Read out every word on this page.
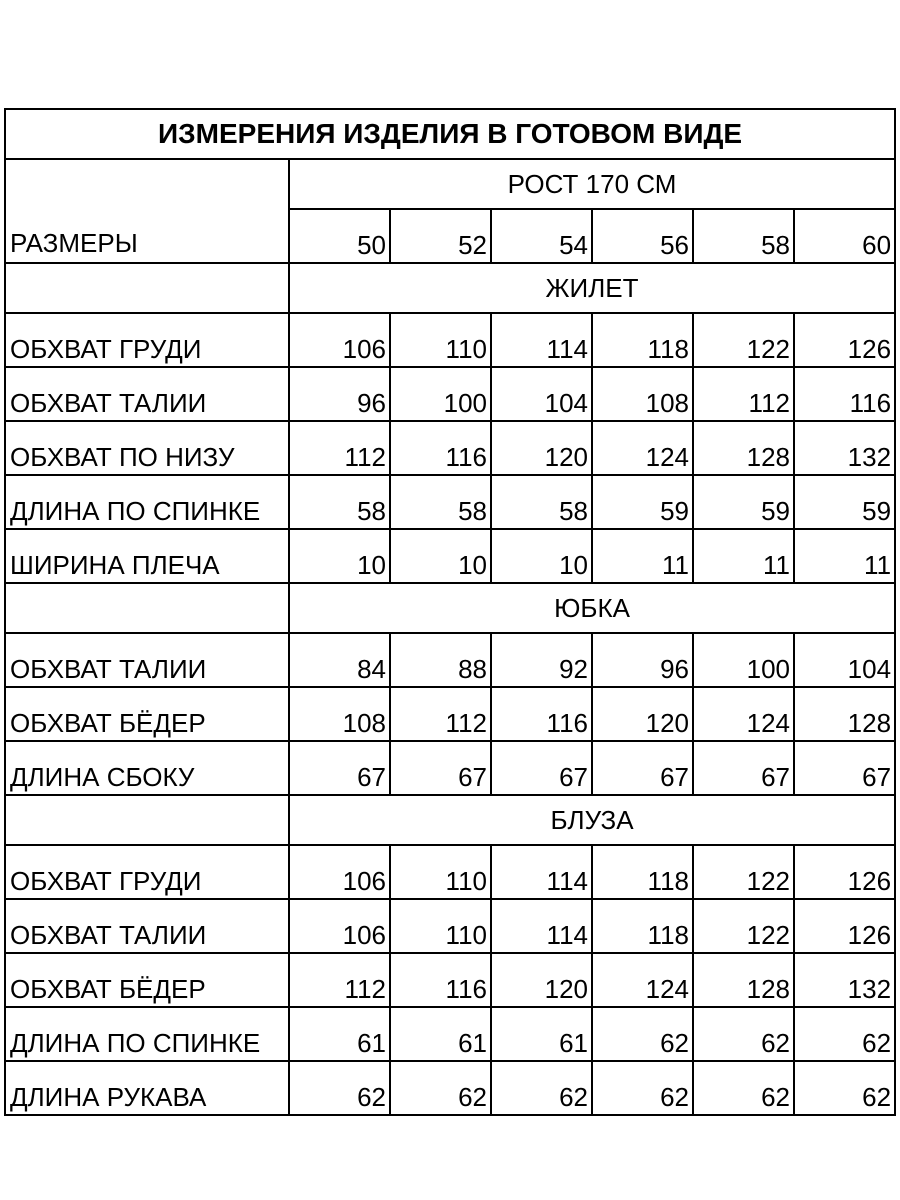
ИЗМЕРЕНИЯ ИЗДЕЛИЯ В ГОТОВОМ ВИДЕ						
РАЗМЕРЫ	РОСТ 170 СМ					
	50	52	54	56	58	60
	ЖИЛЕТ					
ОБХВАТ ГРУДИ	106	110	114	118	122	126
ОБХВАТ ТАЛИИ	96	100	104	108	112	116
ОБХВАТ ПО НИЗУ	112	116	120	124	128	132
ДЛИНА ПО СПИНКЕ	58	58	58	59	59	59
ШИРИНА ПЛЕЧА	10	10	10	11	11	11
	ЮБКА					
ОБХВАТ ТАЛИИ	84	88	92	96	100	104
ОБХВАТ БЁДЕР	108	112	116	120	124	128
ДЛИНА СБОКУ	67	67	67	67	67	67
	БЛУЗА					
ОБХВАТ ГРУДИ	106	110	114	118	122	126
ОБХВАТ ТАЛИИ	106	110	114	118	122	126
ОБХВАТ БЁДЕР	112	116	120	124	128	132
ДЛИНА ПО СПИНКЕ	61	61	61	62	62	62
ДЛИНА РУКАВА	62	62	62	62	62	62
